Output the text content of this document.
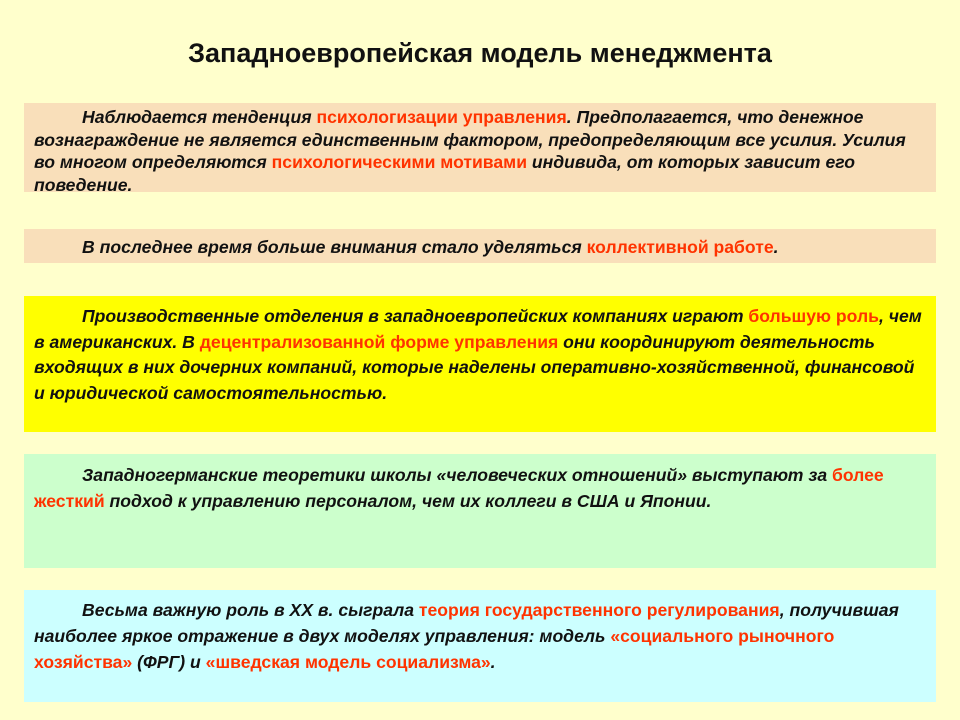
Западноевропейская модель менеджмента

Наблюдается тенденция психологизации управления. Предполагается, что денежное вознаграждение не является единственным фактором, предопределяющим все усилия. Усилия во многом определяются психологическими мотивами индивида, от которых зависит его поведение.

В последнее время больше внимания стало уделяться коллективной работе.

Производственные отделения в западноевропейских компаниях играют большую роль, чем в американских. В децентрализованной форме управления они координируют деятельность входящих в них дочерних компаний, которые наделены оперативно-хозяйственной, финансовой и юридической самостоятельностью.

Западногерманские теоретики школы «человеческих отношений» выступают за более жесткий подход к управлению персоналом, чем их коллеги в США и Японии.

Весьма важную роль в XX в. сыграла теория государственного регулирования, получившая наиболее яркое отражение в двух моделях управления: модель «социального рыночного хозяйства» (ФРГ) и «шведская модель социализма».
